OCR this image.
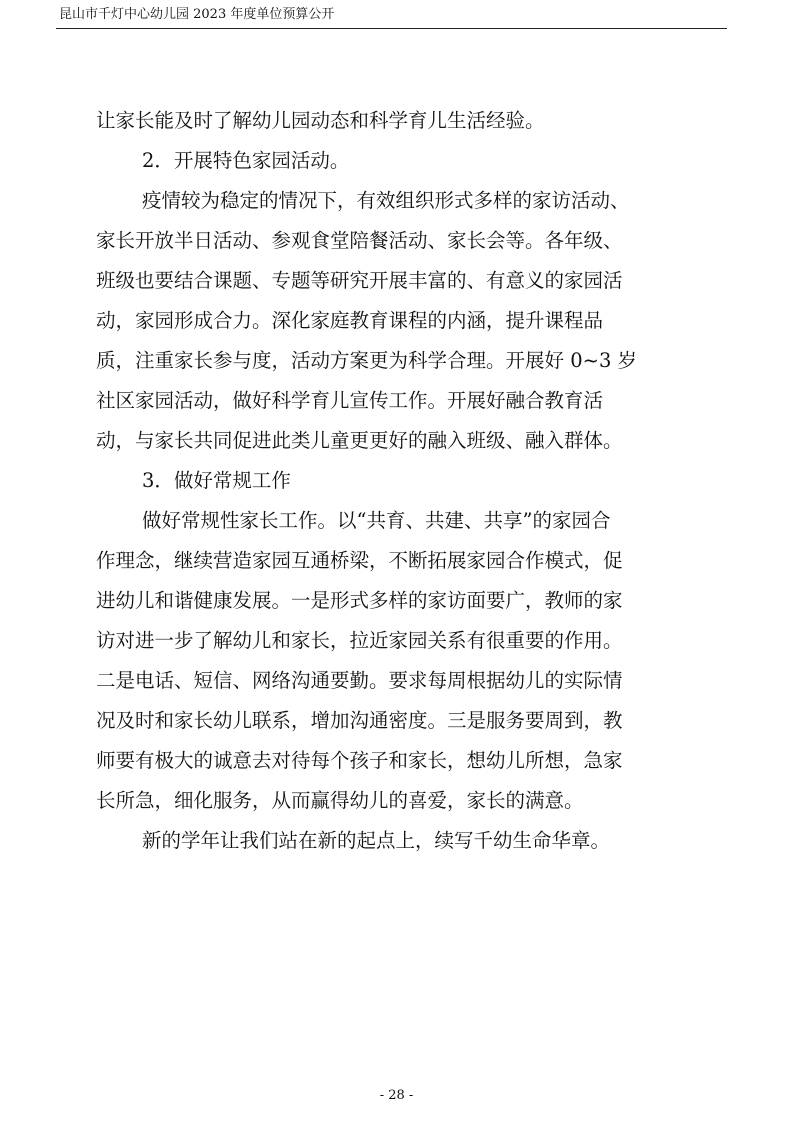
昆山市千灯中心幼儿园 2023 年度单位预算公开
让家长能及时了解幼儿园动态和科学育儿生活经验。
2．开展特色家园活动。
疫情较为稳定的情况下，有效组织形式多样的家访活动、
家长开放半日活动、参观食堂陪餐活动、家长会等。各年级、
班级也要结合课题、专题等研究开展丰富的、有意义的家园活
动，家园形成合力。深化家庭教育课程的内涵，提升课程品
质，注重家长参与度，活动方案更为科学合理。开展好 0~3 岁
社区家园活动，做好科学育儿宣传工作。开展好融合教育活
动，与家长共同促进此类儿童更更好的融入班级、融入群体。
3．做好常规工作
做好常规性家长工作。以“共育、共建、共享”的家园合
作理念，继续营造家园互通桥梁，不断拓展家园合作模式，促
进幼儿和谐健康发展。一是形式多样的家访面要广，教师的家
访对进一步了解幼儿和家长，拉近家园关系有很重要的作用。
二是电话、短信、网络沟通要勤。要求每周根据幼儿的实际情
况及时和家长幼儿联系，增加沟通密度。三是服务要周到，教
师要有极大的诚意去对待每个孩子和家长，想幼儿所想，急家
长所急，细化服务，从而赢得幼儿的喜爱，家长的满意。
新的学年让我们站在新的起点上，续写千幼生命华章。
- 28 -
